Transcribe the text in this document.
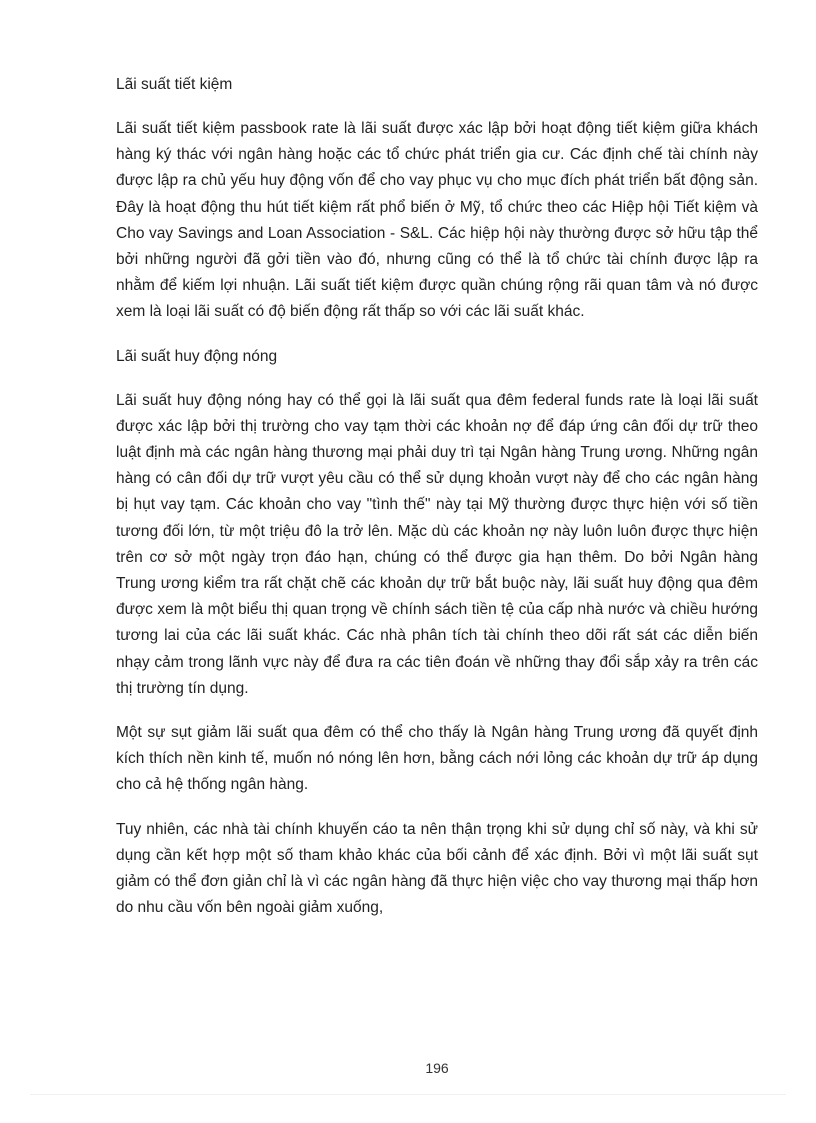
Lãi suất tiết kiệm

Lãi suất tiết kiệm passbook rate là lãi suất được xác lập bởi hoạt động tiết kiệm giữa khách hàng ký thác với ngân hàng hoặc các tổ chức phát triển gia cư. Các định chế tài chính này được lập ra chủ yếu huy động vốn để cho vay phục vụ cho mục đích phát triển bất động sản. Đây là hoạt động thu hút tiết kiệm rất phổ biến ở Mỹ, tổ chức theo các Hiệp hội Tiết kiệm và Cho vay Savings and Loan Association - S&L. Các hiệp hội này thường được sở hữu tập thể bởi những người đã gởi tiền vào đó, nhưng cũng có thể là tổ chức tài chính được lập ra nhằm để kiếm lợi nhuận. Lãi suất tiết kiệm được quần chúng rộng rãi quan tâm và nó được xem là loại lãi suất có độ biến động rất thấp so với các lãi suất khác.

Lãi suất huy động nóng

Lãi suất huy động nóng hay có thể gọi là lãi suất qua đêm federal funds rate là loại lãi suất được xác lập bởi thị trường cho vay tạm thời các khoản nợ để đáp ứng cân đối dự trữ theo luật định mà các ngân hàng thương mại phải duy trì tại Ngân hàng Trung ương. Những ngân hàng có cân đối dự trữ vượt yêu cầu có thể sử dụng khoản vượt này để cho các ngân hàng bị hụt vay tạm. Các khoản cho vay "tình thế" này tại Mỹ thường được thực hiện với số tiền tương đối lớn, từ một triệu đô la trở lên. Mặc dù các khoản nợ này luôn luôn được thực hiện trên cơ sở một ngày trọn đáo hạn, chúng có thể được gia hạn thêm. Do bởi Ngân hàng Trung ương kiểm tra rất chặt chẽ các khoản dự trữ bắt buộc này, lãi suất huy động qua đêm được xem là một biểu thị quan trọng về chính sách tiền tệ của cấp nhà nước và chiều hướng tương lai của các lãi suất khác. Các nhà phân tích tài chính theo dõi rất sát các diễn biến nhạy cảm trong lãnh vực này để đưa ra các tiên đoán về những thay đổi sắp xảy ra trên các thị trường tín dụng.

Một sự sụt giảm lãi suất qua đêm có thể cho thấy là Ngân hàng Trung ương đã quyết định kích thích nền kinh tế, muốn nó nóng lên hơn, bằng cách nới lỏng các khoản dự trữ áp dụng cho cả hệ thống ngân hàng.

Tuy nhiên, các nhà tài chính khuyến cáo ta nên thận trọng khi sử dụng chỉ số này, và khi sử dụng cần kết hợp một số tham khảo khác của bối cảnh để xác định. Bởi vì một lãi suất sụt giảm có thể đơn giản chỉ là vì các ngân hàng đã thực hiện việc cho vay thương mại thấp hơn do nhu cầu vốn bên ngoài giảm xuống,

196
